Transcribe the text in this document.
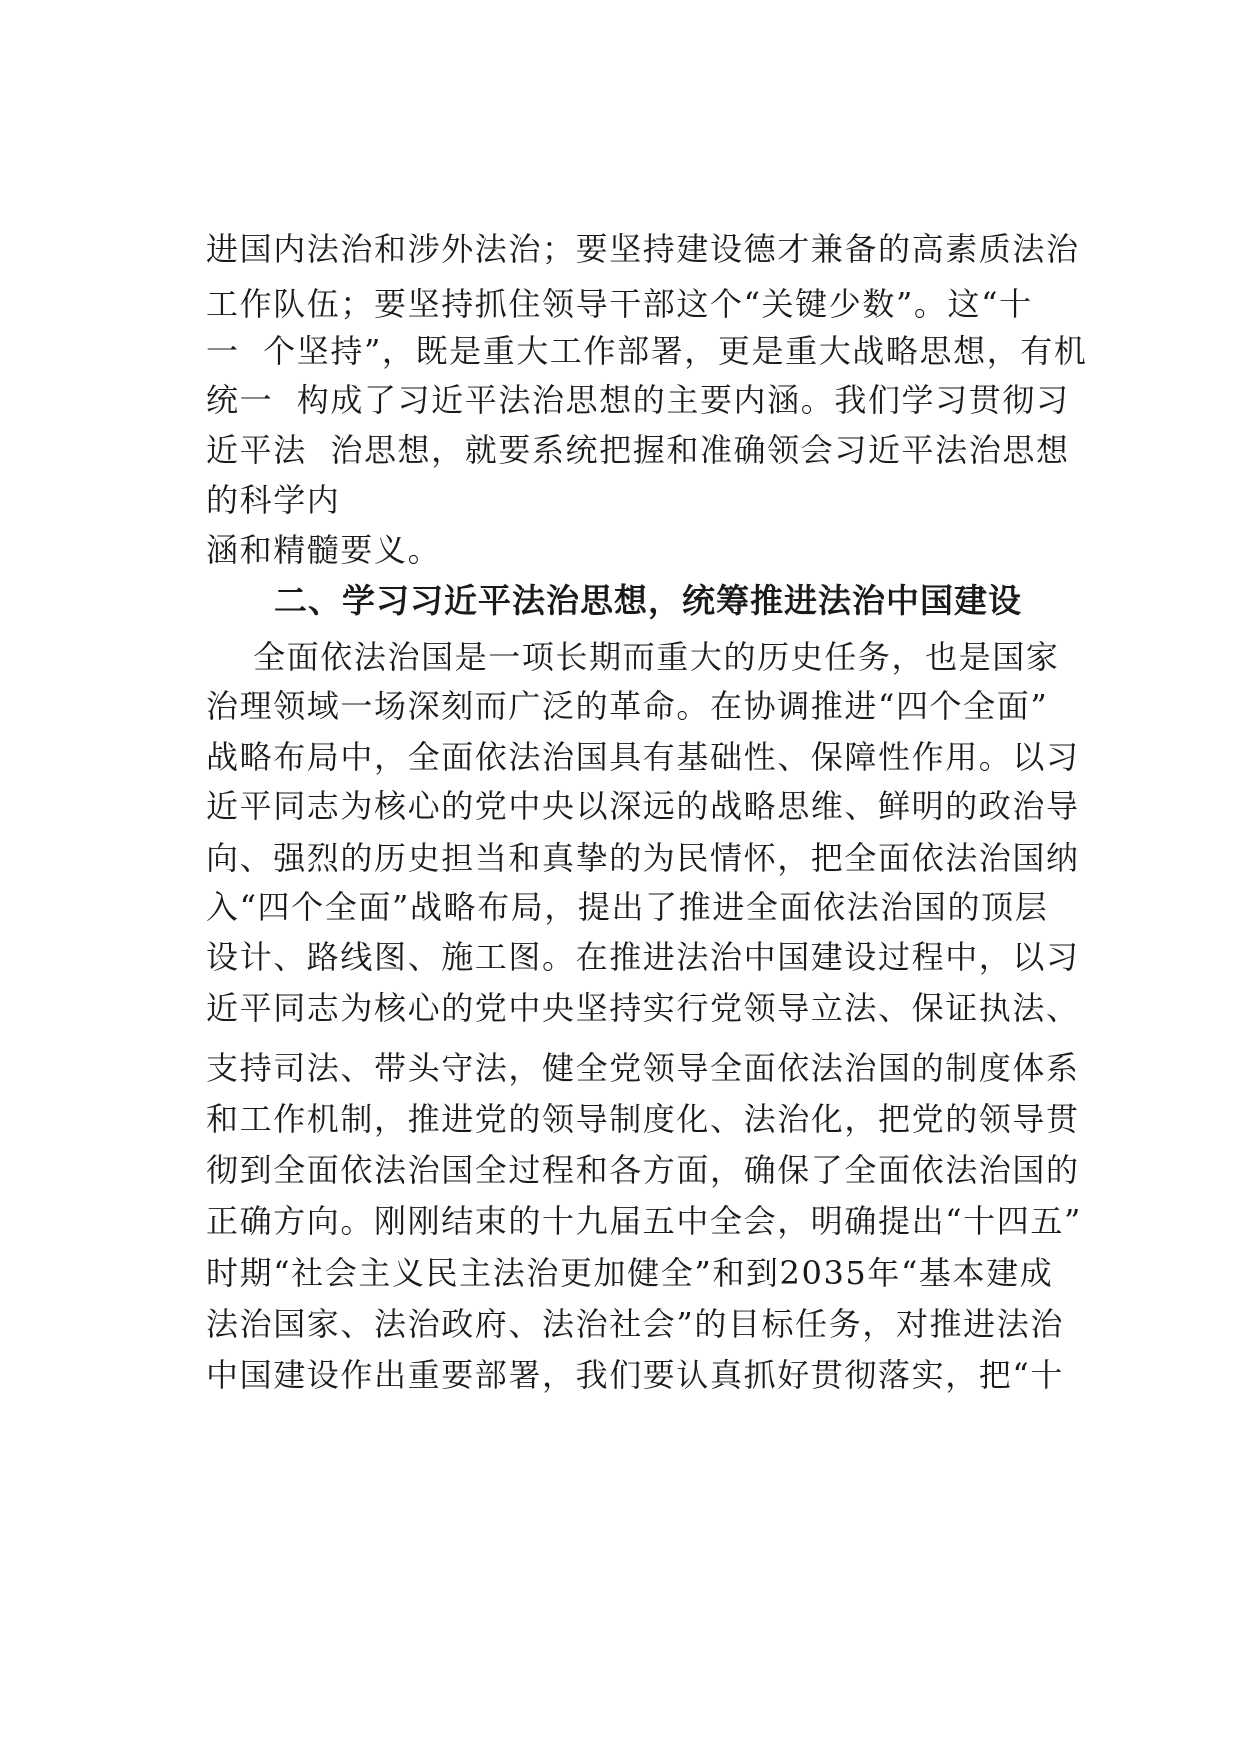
进国内法治和涉外法治；要坚持建设德才兼备的高素质法治
工作队伍；要坚持抓住领导干部这个“关键少数”。这“十
一  个坚持”，既是重大工作部署，更是重大战略思想，有机
统一  构成了习近平法治思想的主要内涵。我们学习贯彻习
近平法  治思想，就要系统把握和准确领会习近平法治思想
的科学内
涵和精髓要义。
二、学习习近平法治思想，统筹推进法治中国建设
全面依法治国是一项长期而重大的历史任务，也是国家
治理领域一场深刻而广泛的革命。在协调推进“四个全面”
战略布局中，全面依法治国具有基础性、保障性作用。以习
近平同志为核心的党中央以深远的战略思维、鲜明的政治导
向、强烈的历史担当和真挚的为民情怀，把全面依法治国纳
入“四个全面”战略布局，提出了推进全面依法治国的顶层
设计、路线图、施工图。在推进法治中国建设过程中，以习
近平同志为核心的党中央坚持实行党领导立法、保证执法、
支持司法、带头守法，健全党领导全面依法治国的制度体系
和工作机制，推进党的领导制度化、法治化，把党的领导贯
彻到全面依法治国全过程和各方面，确保了全面依法治国的
正确方向。刚刚结束的十九届五中全会，明确提出“十四五”
时期“社会主义民主法治更加健全”和到2035年“基本建成
法治国家、法治政府、法治社会”的目标任务，对推进法治
中国建设作出重要部署，我们要认真抓好贯彻落实，把“十
